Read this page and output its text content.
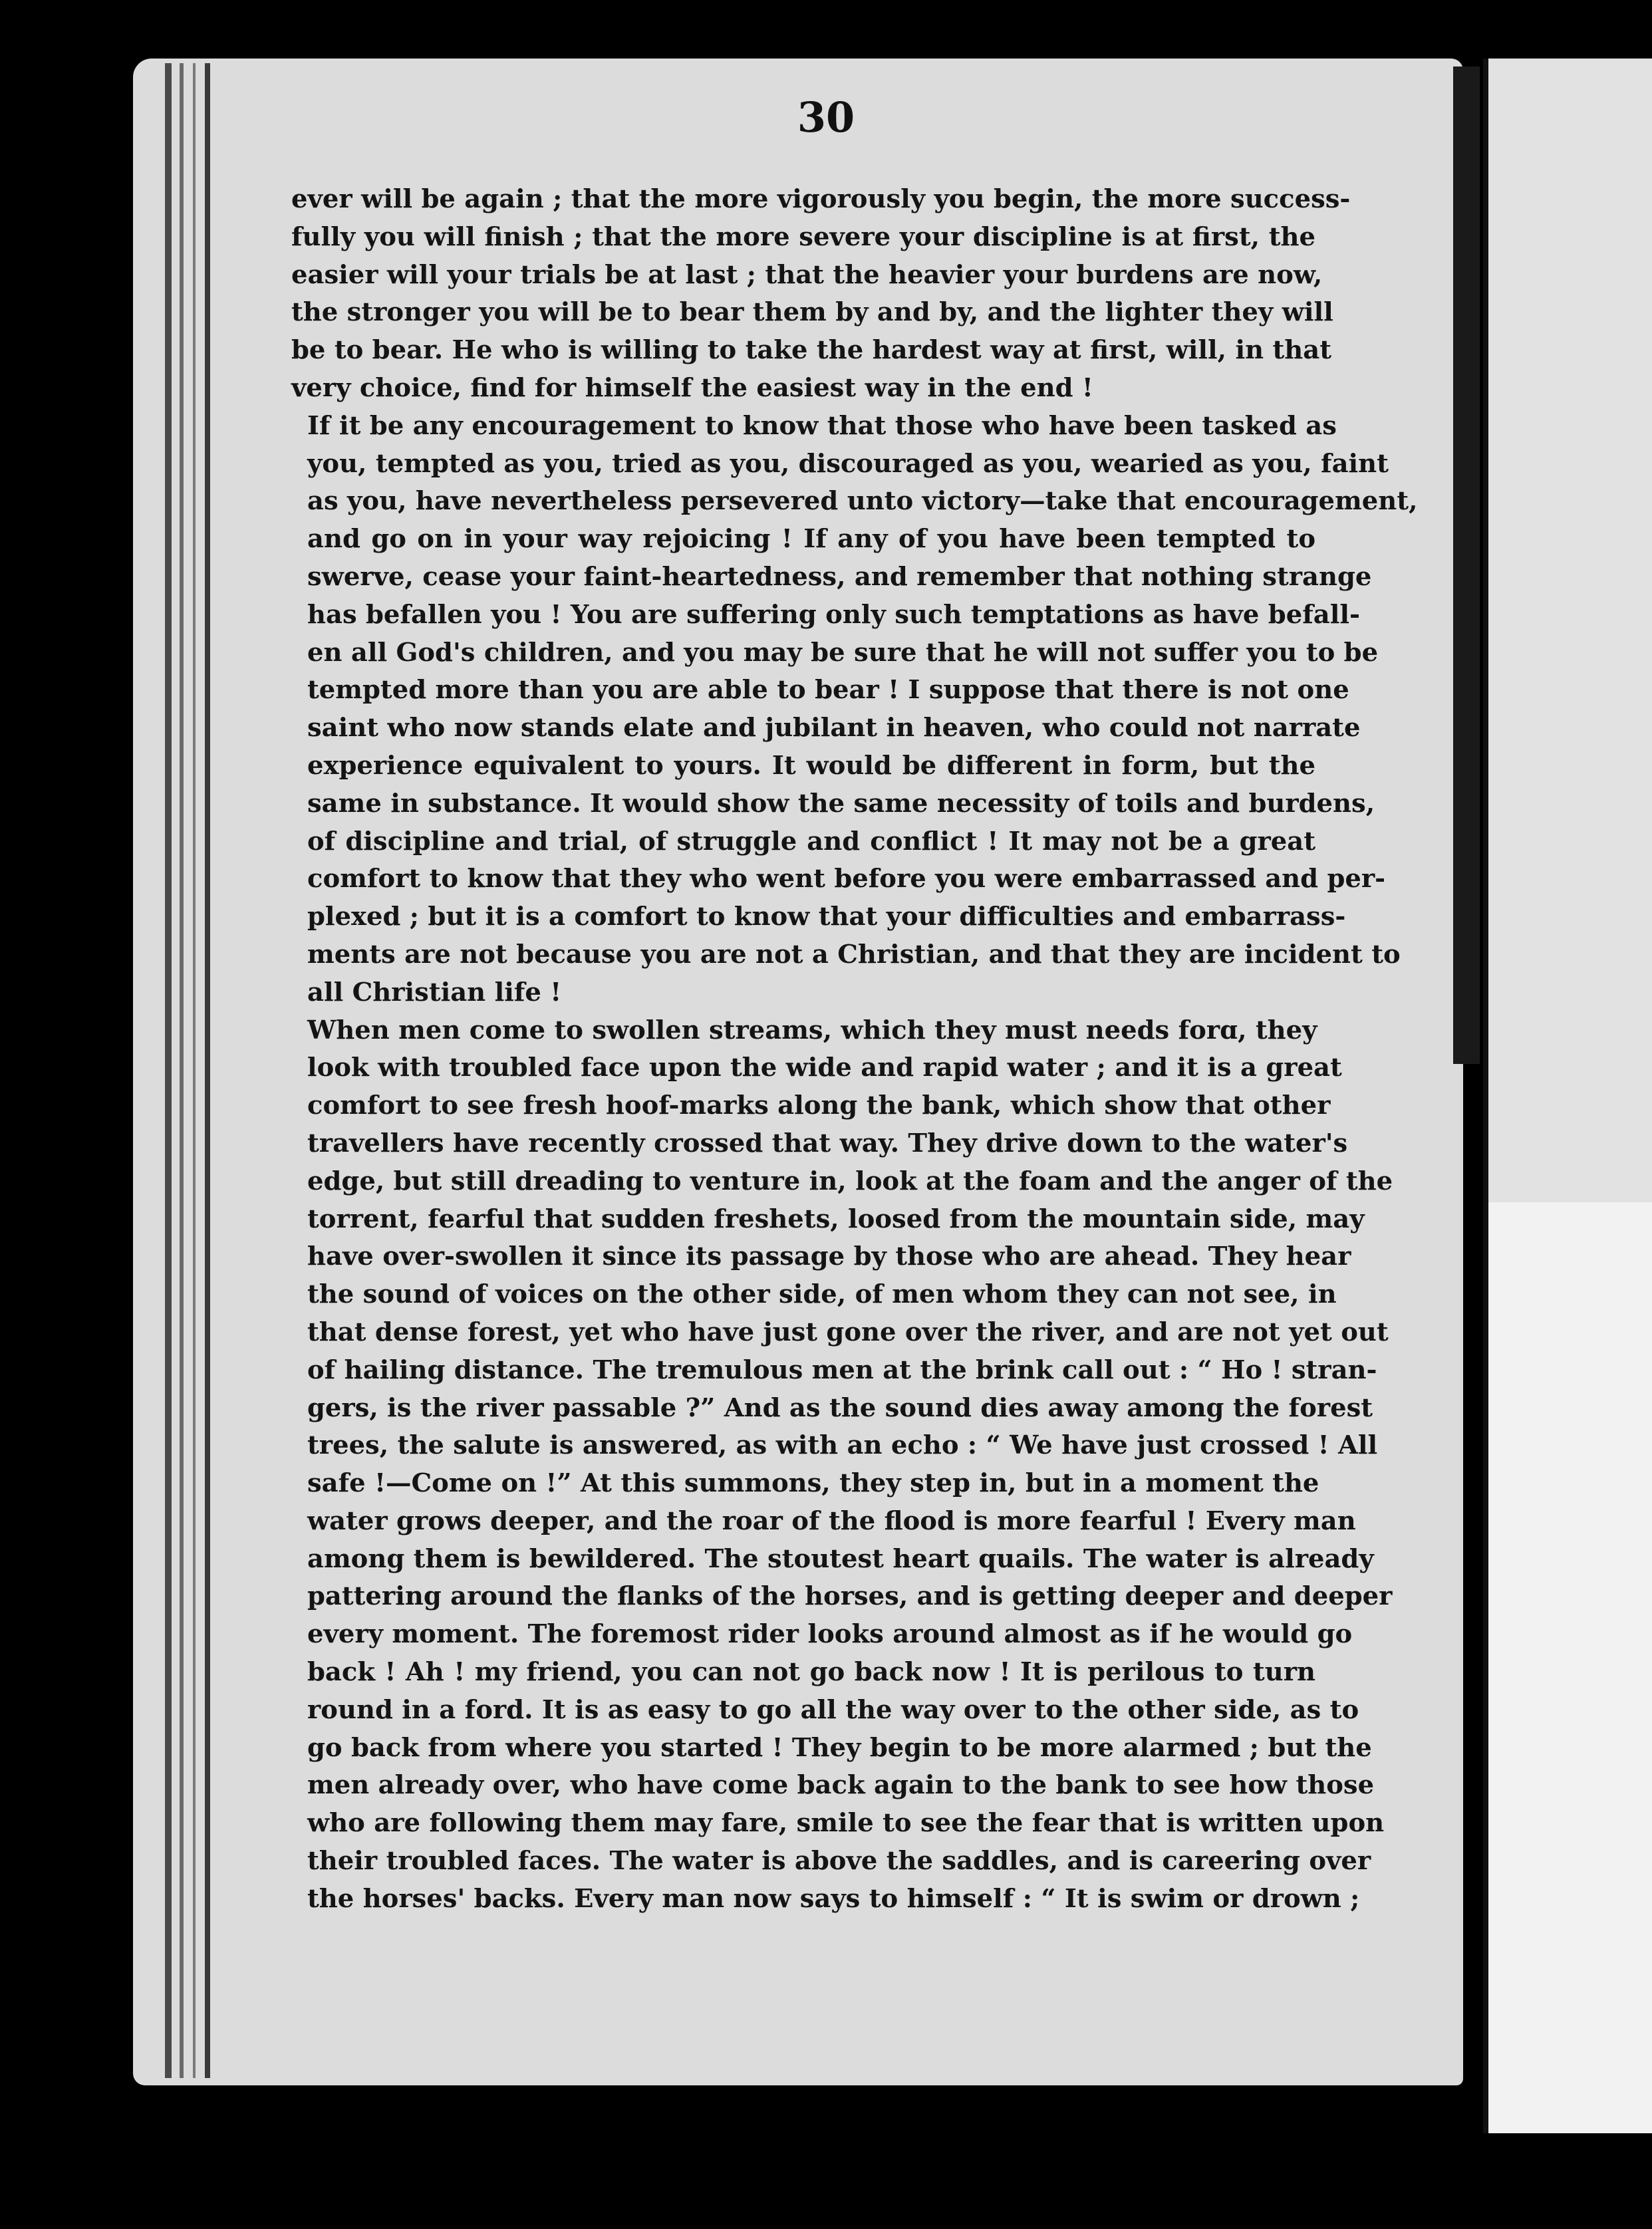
30

ever will be again ; that the more vigorously you begin, the more success-
fully you will finish ; that the more severe your discipline is at first, the
easier will your trials be at last ; that the heavier your burdens are now,
the stronger you will be to bear them by and by, and the lighter they will
be to bear. He who is willing to take the hardest way at first, will, in that
very choice, find for himself the easiest way in the end !

If it be any encouragement to know that those who have been tasked as
you, tempted as you, tried as you, discouraged as you, wearied as you, faint
as you, have nevertheless persevered unto victory—take that encouragement,
and go on in your way rejoicing ! If any of you have been tempted to
swerve, cease your faint-heartedness, and remember that nothing strange
has befallen you ! You are suffering only such temptations as have befall-
en all God's children, and you may be sure that he will not suffer you to be
tempted more than you are able to bear ! I suppose that there is not one
saint who now stands elate and jubilant in heaven, who could not narrate
experience equivalent to yours. It would be different in form, but the
same in substance. It would show the same necessity of toils and burdens,
of discipline and trial, of struggle and conflict ! It may not be a great
comfort to know that they who went before you were embarrassed and per-
plexed ; but it is a comfort to know that your difficulties and embarrass-
ments are not because you are not a Christian, and that they are incident to
all Christian life !

When men come to swollen streams, which they must needs forɑ, they
look with troubled face upon the wide and rapid water ; and it is a great
comfort to see fresh hoof-marks along the bank, which show that other
travellers have recently crossed that way. They drive down to the water's
edge, but still dreading to venture in, look at the foam and the anger of the
torrent, fearful that sudden freshets, loosed from the mountain side, may
have over-swollen it since its passage by those who are ahead. They hear
the sound of voices on the other side, of men whom they can not see, in
that dense forest, yet who have just gone over the river, and are not yet out
of hailing distance. The tremulous men at the brink call out : “ Ho ! stran-
gers, is the river passable ?” And as the sound dies away among the forest
trees, the salute is answered, as with an echo : “ We have just crossed ! All
safe !—Come on !” At this summons, they step in, but in a moment the
water grows deeper, and the roar of the flood is more fearful ! Every man
among them is bewildered. The stoutest heart quails. The water is already
pattering around the flanks of the horses, and is getting deeper and deeper
every moment. The foremost rider looks around almost as if he would go
back ! Ah ! my friend, you can not go back now ! It is perilous to turn
round in a ford. It is as easy to go all the way over to the other side, as to
go back from where you started ! They begin to be more alarmed ; but the
men already over, who have come back again to the bank to see how those
who are following them may fare, smile to see the fear that is written upon
their troubled faces. The water is above the saddles, and is careering over
the horses' backs. Every man now says to himself : “ It is swim or drown ;
